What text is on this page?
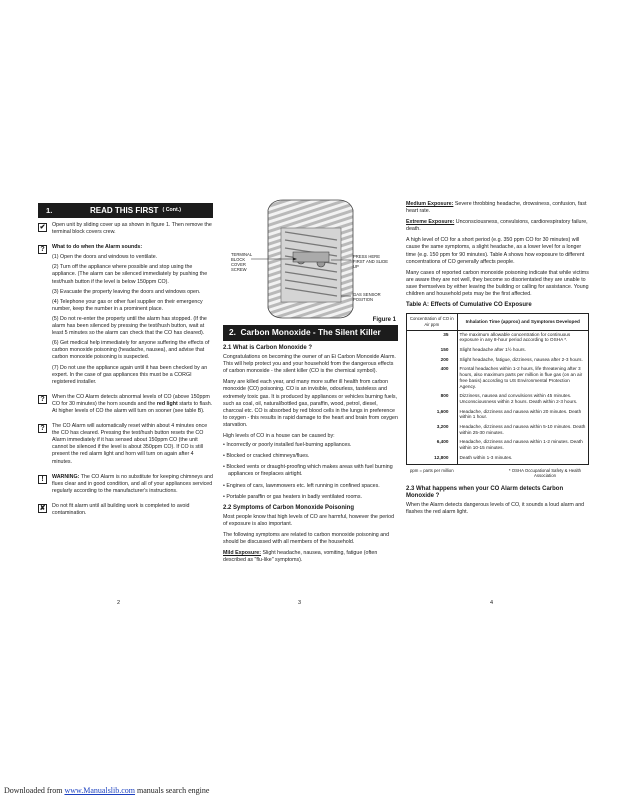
1.	READ THIS FIRST ( Cont.)
✔ Open unit by sliding cover up as shown in figure 1. Then remove the terminal block covers crew.

?	What to do when the Alarm sounds:

(1) Open the doors and windows to ventilate.

(2) Turn off the appliance where possible and stop using the appliance. (The alarm can be silenced immediately by pushing the test/hush button if the level is below 150ppm CO).

(3) Evacuate the property leaving the doors and windows open.

(4) Telephone your gas or other fuel supplier on their emergency number, keep the number in a prominent place.

(5) Do not re-enter the property until the alarm has stopped. (If the alarm has been silenced by pressing the test/hush button, wait at least 5 minutes so the alarm can check that the CO has cleared).

(6) Get medical help immediately for anyone suffering the effects of carbon monoxide poisoning (headache, nausea), and advise that carbon monoxide poisoning is suspected.

(7) Do not use the appliance again until it has been checked by an expert. In the case of gas appliances this must be a CORGI registered installer.

?	When the CO Alarm detects abnormal levels of CO (above 150ppm CO for 30 minutes) the horn sounds and the red light starts to flash. At higher levels of CO the alarm will turn on sooner (see table B).

?	The CO Alarm will automatically reset within about 4 minutes once the CO has cleared. Pressing the test/hush button resets the CO Alarm immediately if it has sensed about 150ppm CO (the unit cannot be silenced if the level is about 350ppm CO). If CO is still present the red alarm light and horn will turn on again after 4 minutes.

!	WARNING: The CO Alarm is no substitute for keeping chimneys and flues clear and in good condition, and all of your appliances serviced regularly according to the manufacturer's instructions.

✘ Do not fit alarm until all building work is completed to avoid contamination.

TERMINAL BLOCK COVER SCREW
PRESS HERE FIRST AND SLIDE UP
GAS SENSOR POSITION
Figure 1
2.
Carbon Monoxide - The Silent Killer
2.1 What is Carbon Monoxide ?

Congratulations on becoming the owner of an Ei Carbon Monoxide Alarm. This will help protect you and your household from the dangerous effects of carbon monoxide - the silent killer (CO is the chemical symbol).

Many are killed each year, and many more suffer ill health from carbon monoxide (CO) poisoning. CO is an invisible, odourless, tasteless and extremely toxic gas. It is produced by appliances or vehicles burning fuels, such as coal, oil, natural/bottled gas, paraffin, wood, petrol, diesel, charcoal etc. CO is absorbed by red blood cells in the lungs in preference to oxygen - this results in rapid damage to the heart and brain from oxygen starvation.

High levels of CO in a house can be caused by:

• Incorrectly or poorly installed fuel-burning appliances.

• Blocked or cracked chimneys/flues.

• Blocked vents or draught-proofing which makes areas with fuel burning appliances or fireplaces airtight.

• Engines of cars, lawnmowers etc. left running in confined spaces.

• Portable paraffin or gas heaters in badly ventilated rooms.

2.2 Symptoms of Carbon Monoxide Poisoning

Most people know that high levels of CO are harmful, however the period of exposure is also important.

The following symptoms are related to carbon monoxide poisoning and should be discussed with all members of the household.

Mild Exposure: Slight headache, nausea, vomiting, fatigue (often described as "flu-like" symptoms).

Medium Exposure: Severe throbbing headache, drowsiness, confusion, fast heart rate.

Extreme Exposure: Unconsciousness, convulsions, cardiorespiratory failure, death.

A high level of CO for a short period (e.g. 350 ppm CO for 30 minutes) will cause the same symptoms, a slight headache, as a lower level for a longer time (e.g. 150 ppm for 90 minutes). Table A shows how exposure to different concentrations of CO generally affects people.

Many cases of reported carbon monoxide poisoning indicate that while victims are aware they are not well, they become so disorientated they are unable to save themselves by either leaving the building or calling for assistance. Young children and household pets may be the first affected.

Table A: Effects of Cumulative CO Exposure
Concentration of CO in Air ppm	Inhalation Time (approx) and Symptoms Developed
35	The maximum allowable concentration for continuous exposure in any 8-hour period according to OSHA *.
150	Slight headache after 1½ hours.
200	Slight headache, fatigue, dizziness, nausea after 2-3 hours.
400	Frontal headaches within 1-2 hours, life threatening after 3 hours, also maximum parts per million in flue gas (on an air free basis) according to US Environmental Protection Agency.
800	Dizziness, nausea and convulsions within 45 minutes. Unconsciousness within 2 hours. Death within 2-3 hours.
1,600	Headache, dizziness and nausea within 20 minutes. Death within 1 hour.
3,200	Headache, dizziness and nausea within 5-10 minutes. Death within 25-30 minutes.
6,400	Headache, dizziness and nausea within 1-2 minutes. Death within 10-15 minutes.
12,800	Death within 1-3 minutes.
ppm = parts per million	* OSHA Occupational Safety & Health Association
2.3 What happens when your CO Alarm detects Carbon Monoxide ?

When the Alarm detects dangerous levels of CO, it sounds a loud alarm and flashes the red alarm light.

2	3	4
Downloaded from www.Manualslib.com manuals search engine
